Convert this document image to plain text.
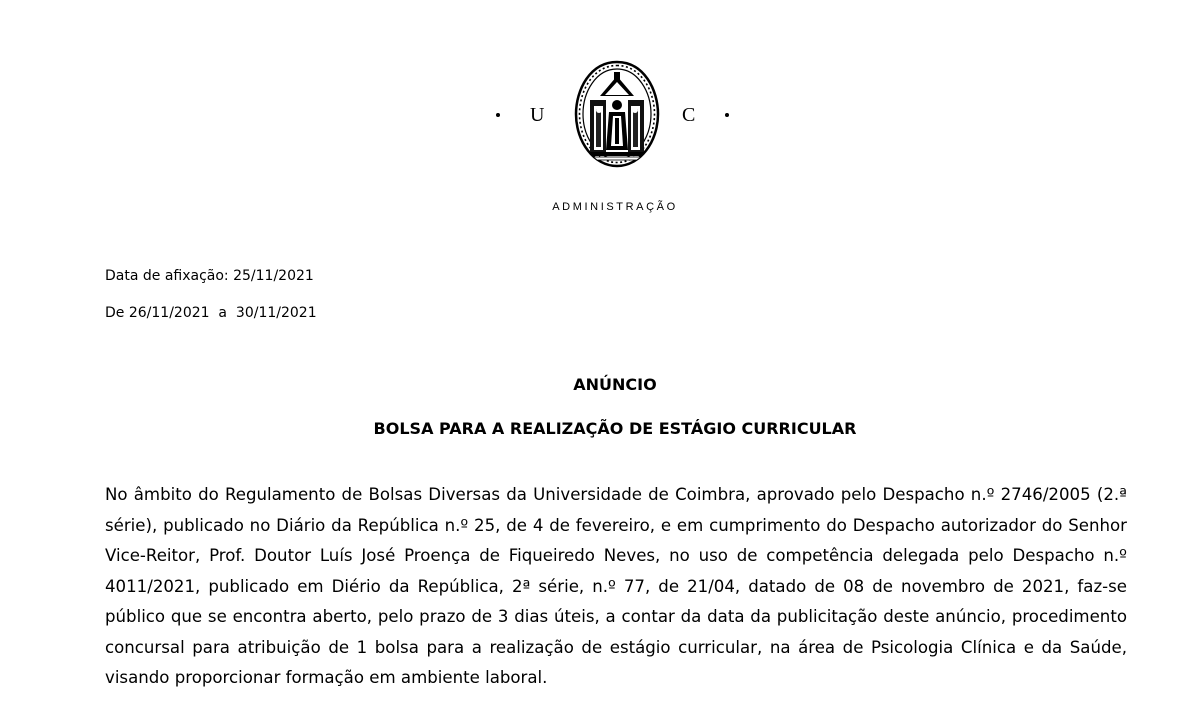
U	C
ADMINISTRAÇÃO
Data de afixação: 25/11/2021
De 26/11/2021  a  30/11/2021
ANÚNCIO
BOLSA PARA A REALIZAÇÃO DE ESTÁGIO CURRICULAR

No âmbito do Regulamento de Bolsas Diversas da Universidade de Coimbra, aprovado pelo Despacho n.º 2746/2005 (2.ª série), publicado no Diário da República n.º 25, de 4 de fevereiro, e em cumprimento do Despacho autorizador do Senhor Vice-Reitor, Prof. Doutor Luís José Proença de Fiqueiredo Neves, no uso de competência delegada pelo Despacho n.º 4011/2021, publicado em Diério da República, 2ª série, n.º 77, de 21/04, datado de 08 de novembro de 2021, faz-se público que se encontra aberto, pelo prazo de 3 dias úteis, a contar da data da publicitação deste anúncio, procedimento concursal para atribuição de 1 bolsa para a realização de estágio curricular, na área de Psicologia Clínica e da Saúde, visando proporcionar formação em ambiente laboral.
